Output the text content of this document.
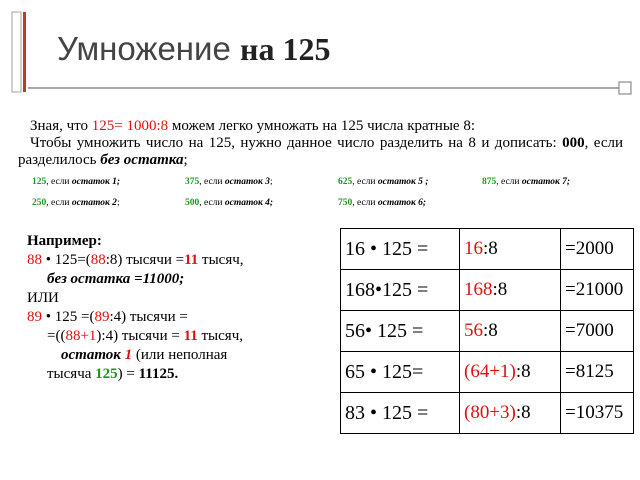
Умножение на 125

Зная, что 125= 1000:8 можем легко умножать на 125 числа кратные 8:

Чтобы умножить число на 125, нужно данное число разделить на 8 и дописать: 000, если разделилось без остатка;

125, если остаток 1;	375, если остаток 3;	625, если остаток 5 ;	875, если остаток 7;
250, если остаток 2;	500, если остаток 4;	750, если остаток 6;

Например:

88 • 125=(88:8) тысячи =11 тысяч,

без остатка =11000;

ИЛИ

89 • 125 =(89:4) тысячи =

=((88+1):4) тысячи = 11 тысяч,

остаток 1 (или неполная

тысяча 125) = 11125.

16 • 125 =	16:8	=2000
168•125 =	168:8	=21000
56• 125 =	56:8	=7000
65 • 125=	(64+1):8	=8125
83 • 125 =	(80+3):8	=10375
